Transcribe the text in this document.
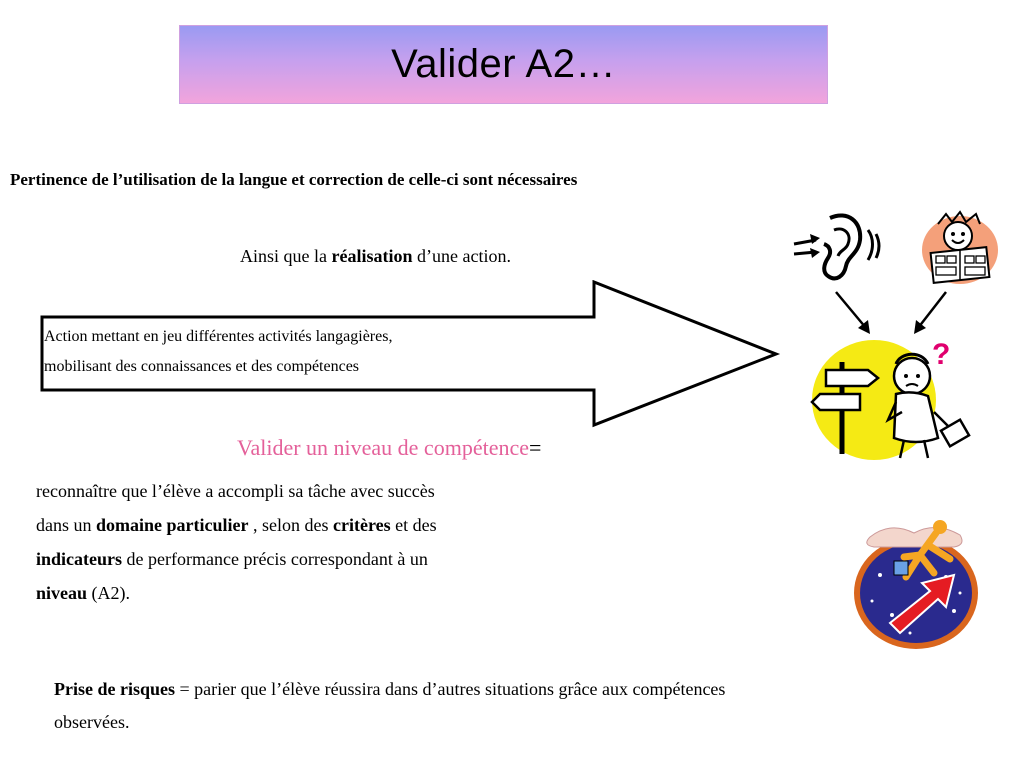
Valider A2…
Pertinence de l’utilisation de la langue et correction de celle-ci sont nécessaires
Ainsi que la réalisation d’une action.
Action mettant en jeu différentes activités langagières,
mobilisant des connaissances et des compétences
Valider un niveau de compétence=
reconnaître que l’élève a accompli sa tâche avec succès
dans un domaine particulier , selon des critères et des
indicateurs de performance précis correspondant à un
niveau (A2).
Prise de risques = parier que l’élève réussira dans d’autres situations grâce aux compétences
observées.
?
